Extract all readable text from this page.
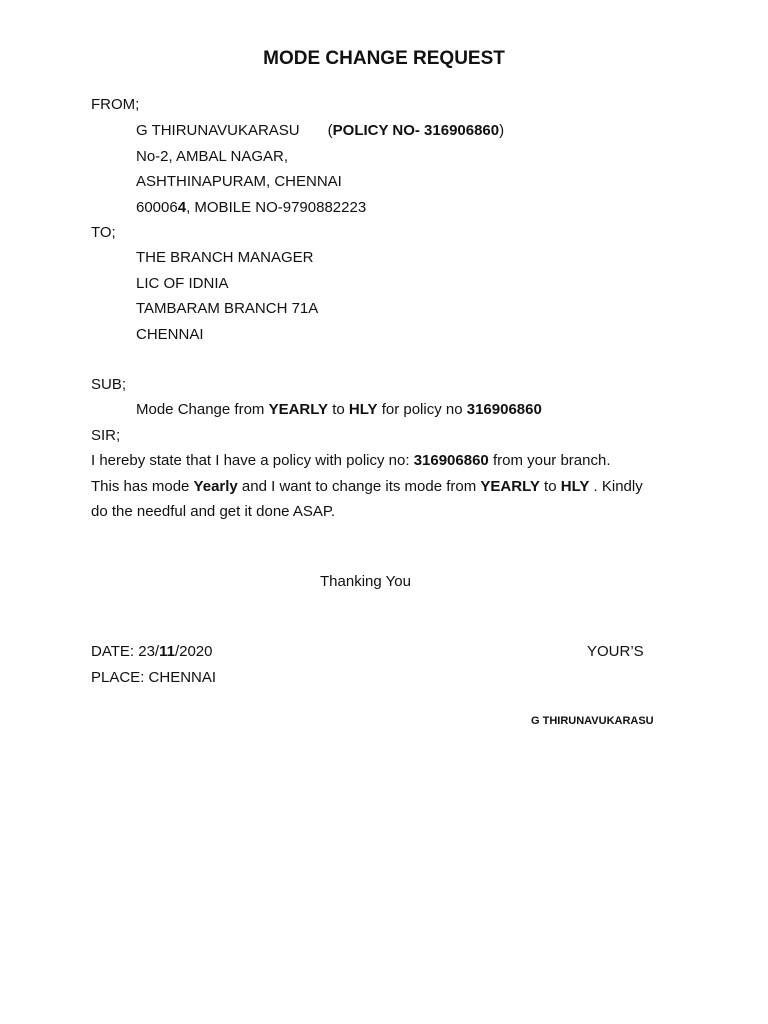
MODE CHANGE REQUEST
FROM;
G THIRUNAVUKARASU (POLICY NO- 316906860)
No-2, AMBAL NAGAR,
ASHTHINAPURAM, CHENNAI
600064, MOBILE NO-9790882223
TO;
THE BRANCH MANAGER
LIC OF IDNIA
TAMBARAM BRANCH 71A
CHENNAI
SUB;
Mode Change from YEARLY to HLY for policy no 316906860
SIR;
I hereby state that I have a policy with policy no: 316906860 from your branch.
This has mode Yearly and I want to change its mode from YEARLY to HLY . Kindly
do the needful and get it done ASAP.
Thanking You
DATE: 23/11/2020	YOUR’S
PLACE: CHENNAI
G THIRUNAVUKARASU
